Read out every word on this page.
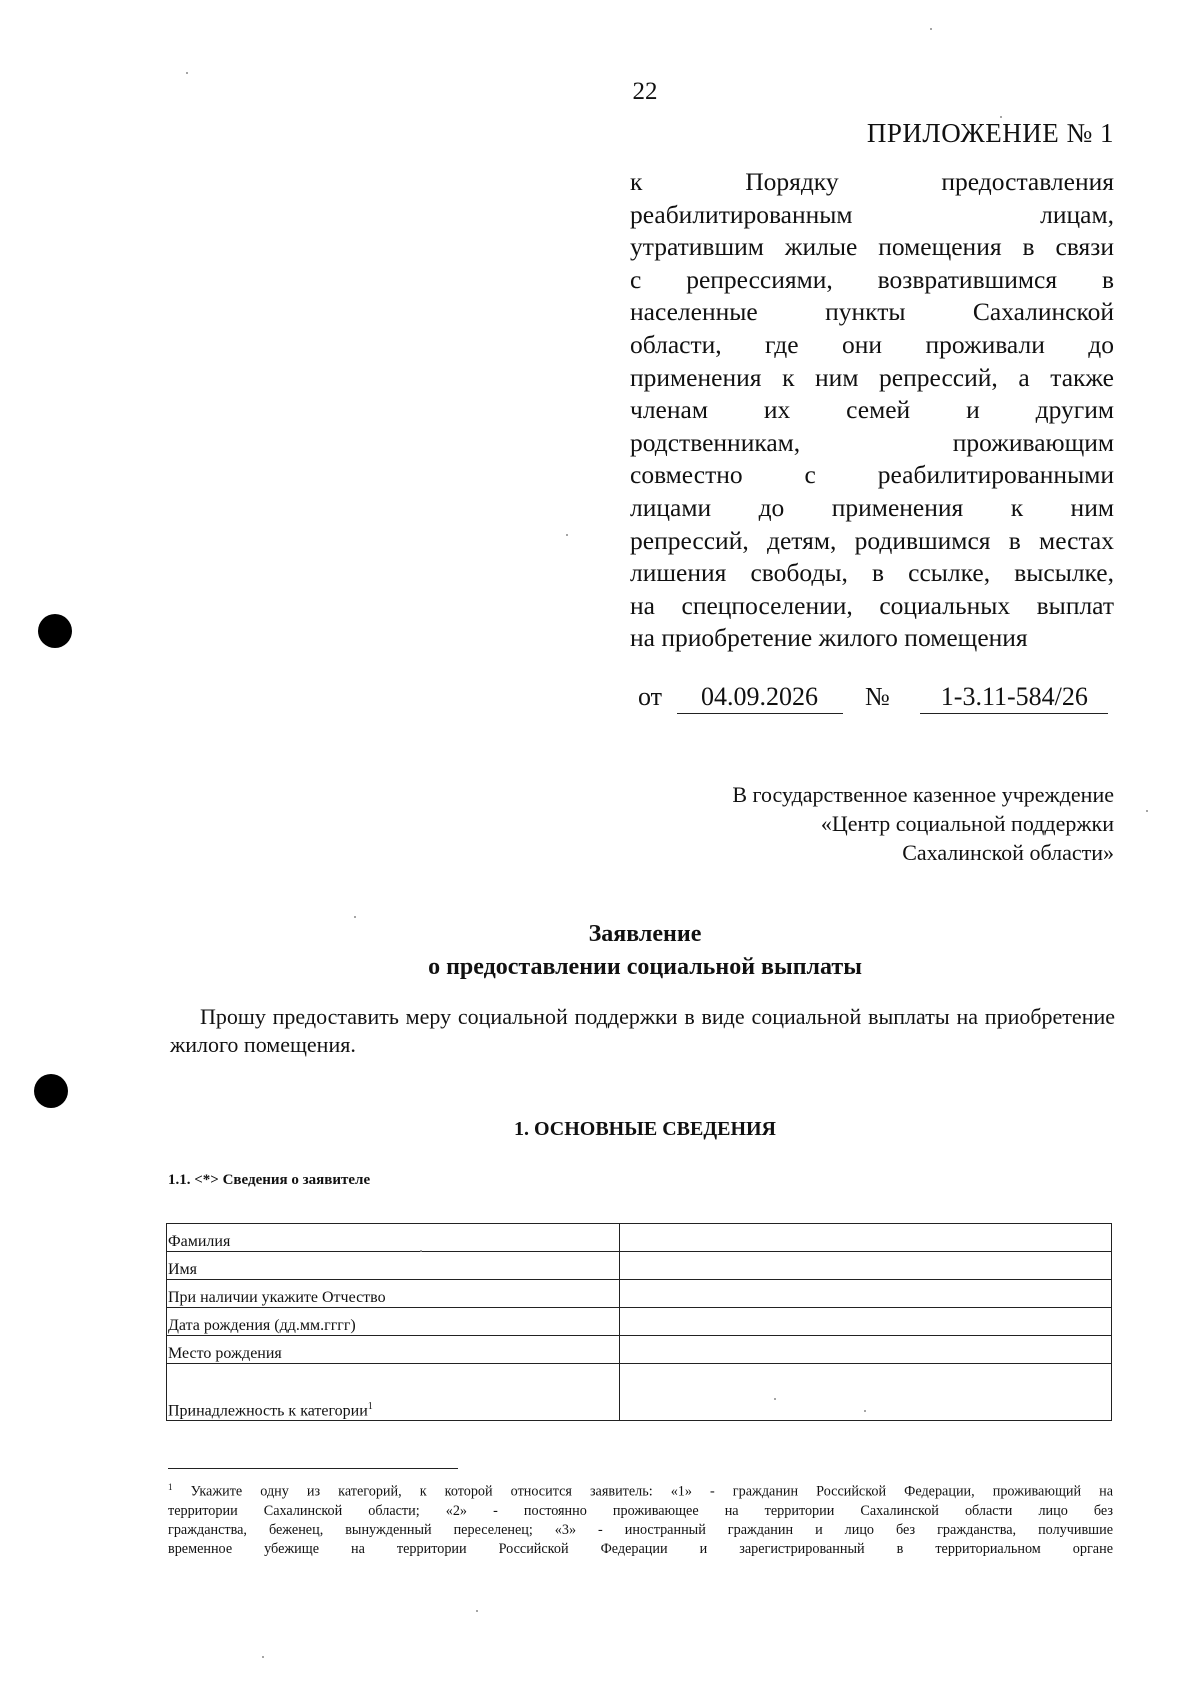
22
ПРИЛОЖЕНИЕ № 1
к Порядку предоставления
реабилитированным лицам,
утратившим жилые помещения в связи
с репрессиями, возвратившимся в
населенные пункты Сахалинской
области, где они проживали до
применения к ним репрессий, а также
членам их семей и другим
родственникам, проживающим
совместно с реабилитированными
лицами до применения к ним
репрессий, детям, родившимся в местах
лишения свободы, в ссылке, высылке,
на спецпоселении, социальных выплат
на приобретение жилого помещения
от 04.09.2026 № 1-3.11-584/26
В государственное казенное учреждение
«Центр социальной поддержки
Сахалинской области»
Заявление
о предоставлении социальной выплаты
Прошу предоставить меру социальной поддержки в виде социальной выплаты на приобретение жилого помещения.
1. ОСНОВНЫЕ СВЕДЕНИЯ
1.1. <*> Сведения о заявителе
Фамилия	
Имя	
При наличии укажите Отчество	
Дата рождения (дд.мм.гггг)	
Место рождения	
Принадлежность к категории$^1$	
$^1$ Укажите одну из категорий, к которой относится заявитель: «1» - гражданин Российской Федерации, проживающий на
территории Сахалинской области; «2» - постоянно проживающее на территории Сахалинской области лицо без
гражданства, беженец, вынужденный переселенец; «3» - иностранный гражданин и лицо без гражданства, получившие
временное убежище на территории Российской Федерации и зарегистрированный в территориальном органе
